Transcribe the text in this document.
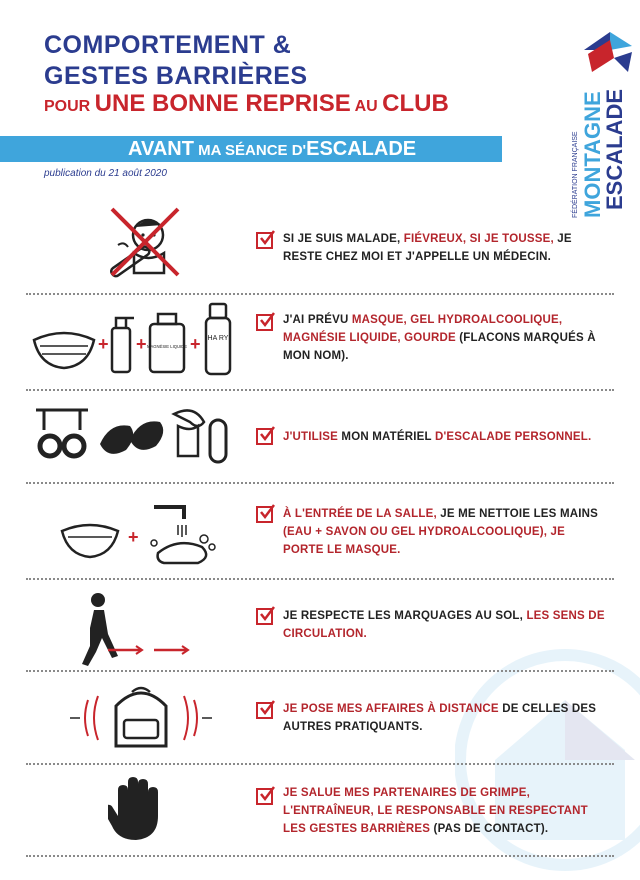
COMPORTEMENT &
GESTES BARRIÈRES
POUR UNE BONNE REPRISE AU CLUB
AVANT MA SÉANCE D'ESCALADE
publication du 21 août 2020	MONTAGNE
ESCALADE
FÉDÉRATION FRANÇAISE
SI JE SUIS MALADE, FIÉVREUX, SI JE TOUSSE, JE RESTE CHEZ MOI ET J'APPELLE UN MÉDECIN.
+ + MAGNÉSIE LIQUIDE + HA RY
J'AI PRÉVU MASQUE, GEL HYDROALCOOLIQUE, MAGNÉSIE LIQUIDE, GOURDE (FLACONS MARQUÉS À MON NOM).
J'UTILISE MON MATÉRIEL D'ESCALADE PERSONNEL.
+
À L'ENTRÉE DE LA SALLE, JE ME NETTOIE LES MAINS (EAU + SAVON OU GEL HYDROALCOOLIQUE), JE PORTE LE MASQUE.
JE RESPECTE LES MARQUAGES AU SOL, LES SENS DE CIRCULATION.
JE POSE MES AFFAIRES À DISTANCE DE CELLES DES AUTRES PRATIQUANTS.
JE SALUE MES PARTENAIRES DE GRIMPE, L'ENTRAÎNEUR, LE RESPONSABLE EN RESPECTANT LES GESTES BARRIÈRES (PAS DE CONTACT).
